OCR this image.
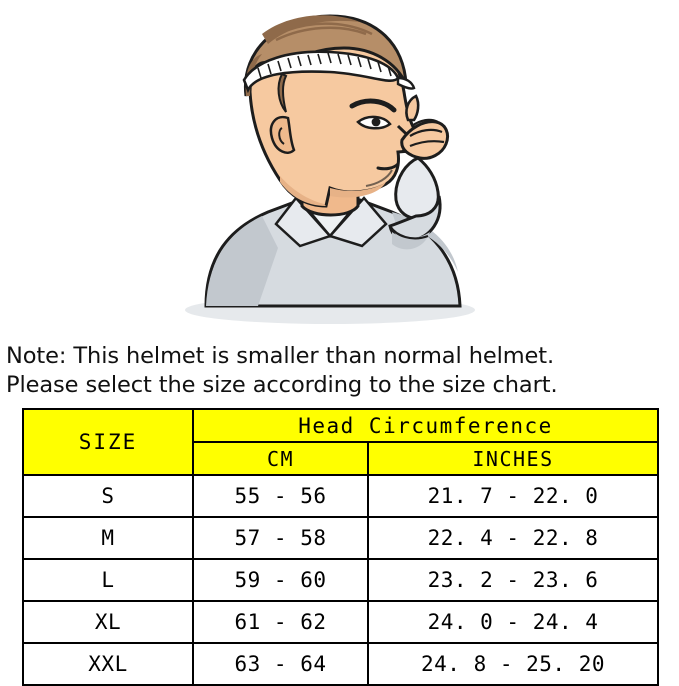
Note: This helmet is smaller than normal helmet.
Please select the size according to the size chart.
SIZE	Head Circumference	
	CM	INCHES
S	55 - 56	21. 7 - 22. 0
M	57 - 58	22. 4 - 22. 8
L	59 - 60	23. 2 - 23. 6
XL	61 - 62	24. 0 - 24. 4
XXL	63 - 64	24. 8 - 25. 20
